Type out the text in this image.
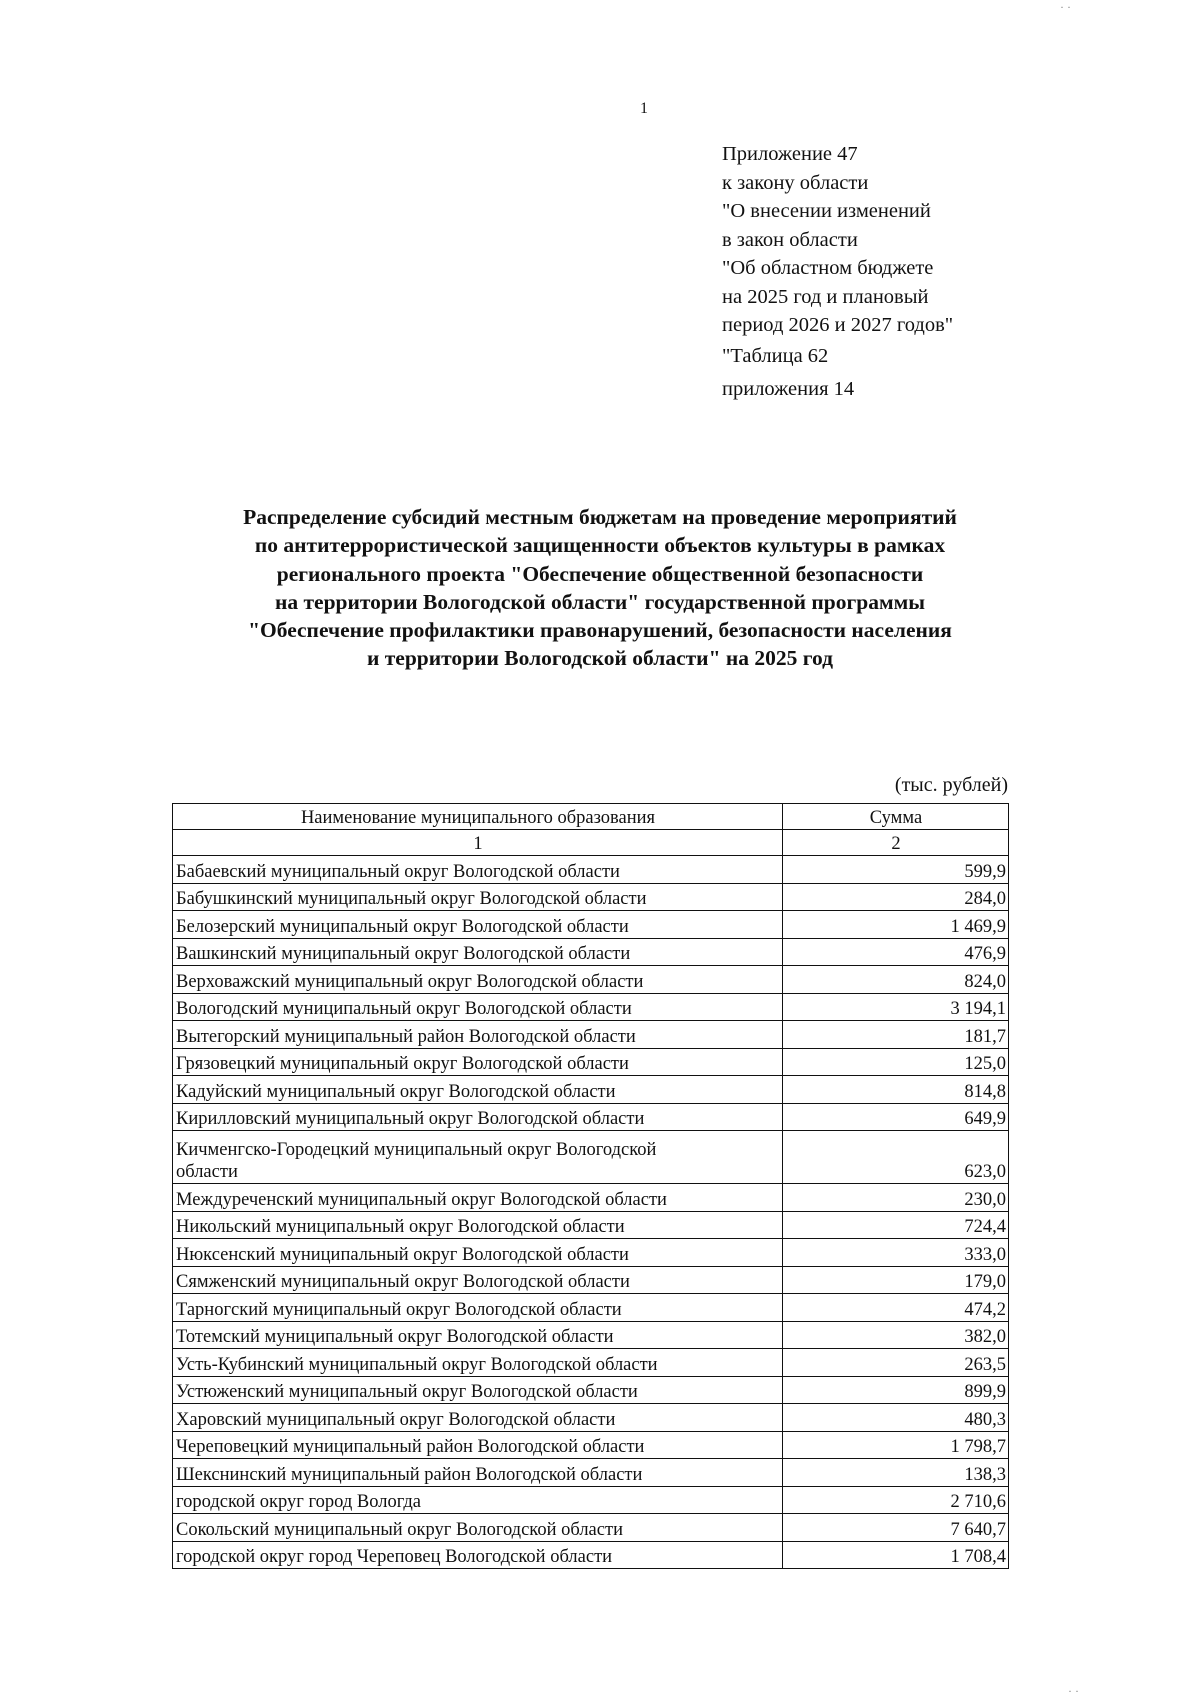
· ·
1
Приложение 47
к закону области
"О внесении изменений
в закон области
"Об областном бюджете
на 2025 год и плановый
период 2026 и 2027 годов"
"Таблица 62
приложения 14
Распределение субсидий местным бюджетам на проведение мероприятий
по антитеррористической защищенности объектов культуры в рамках
регионального проекта "Обеспечение общественной безопасности
на территории Вологодской области" государственной программы
"Обеспечение профилактики правонарушений, безопасности населения
и территории Вологодской области" на 2025 год
(тыс. рублей)
Наименование муниципального образования	Сумма
1	2
Бабаевский муниципальный округ Вологодской области	599,9
Бабушкинский муниципальный округ Вологодской области	284,0
Белозерский муниципальный округ Вологодской области	1 469,9
Вашкинский муниципальный округ Вологодской области	476,9
Верховажский муниципальный округ Вологодской области	824,0
Вологодский муниципальный округ Вологодской области	3 194,1
Вытегорский муниципальный район Вологодской области	181,7
Грязовецкий муниципальный округ Вологодской области	125,0
Кадуйский муниципальный округ Вологодской области	814,8
Кирилловский муниципальный округ Вологодской области	649,9
Кичменгско-Городецкий муниципальный округ Вологодской
области	623,0
Междуреченский муниципальный округ Вологодской области	230,0
Никольский муниципальный округ Вологодской области	724,4
Нюксенский муниципальный округ Вологодской области	333,0
Сямженский муниципальный округ Вологодской области	179,0
Тарногский муниципальный округ Вологодской области	474,2
Тотемский муниципальный округ Вологодской области	382,0
Усть-Кубинский муниципальный округ Вологодской области	263,5
Устюженский муниципальный округ Вологодской области	899,9
Харовский муниципальный округ Вологодской области	480,3
Череповецкий муниципальный район Вологодской области	1 798,7
Шекснинский муниципальный район Вологодской области	138,3
городской округ город Вологда	2 710,6
Сокольский муниципальный округ Вологодской области	7 640,7
городской округ город Череповец Вологодской области	1 708,4
· ·
